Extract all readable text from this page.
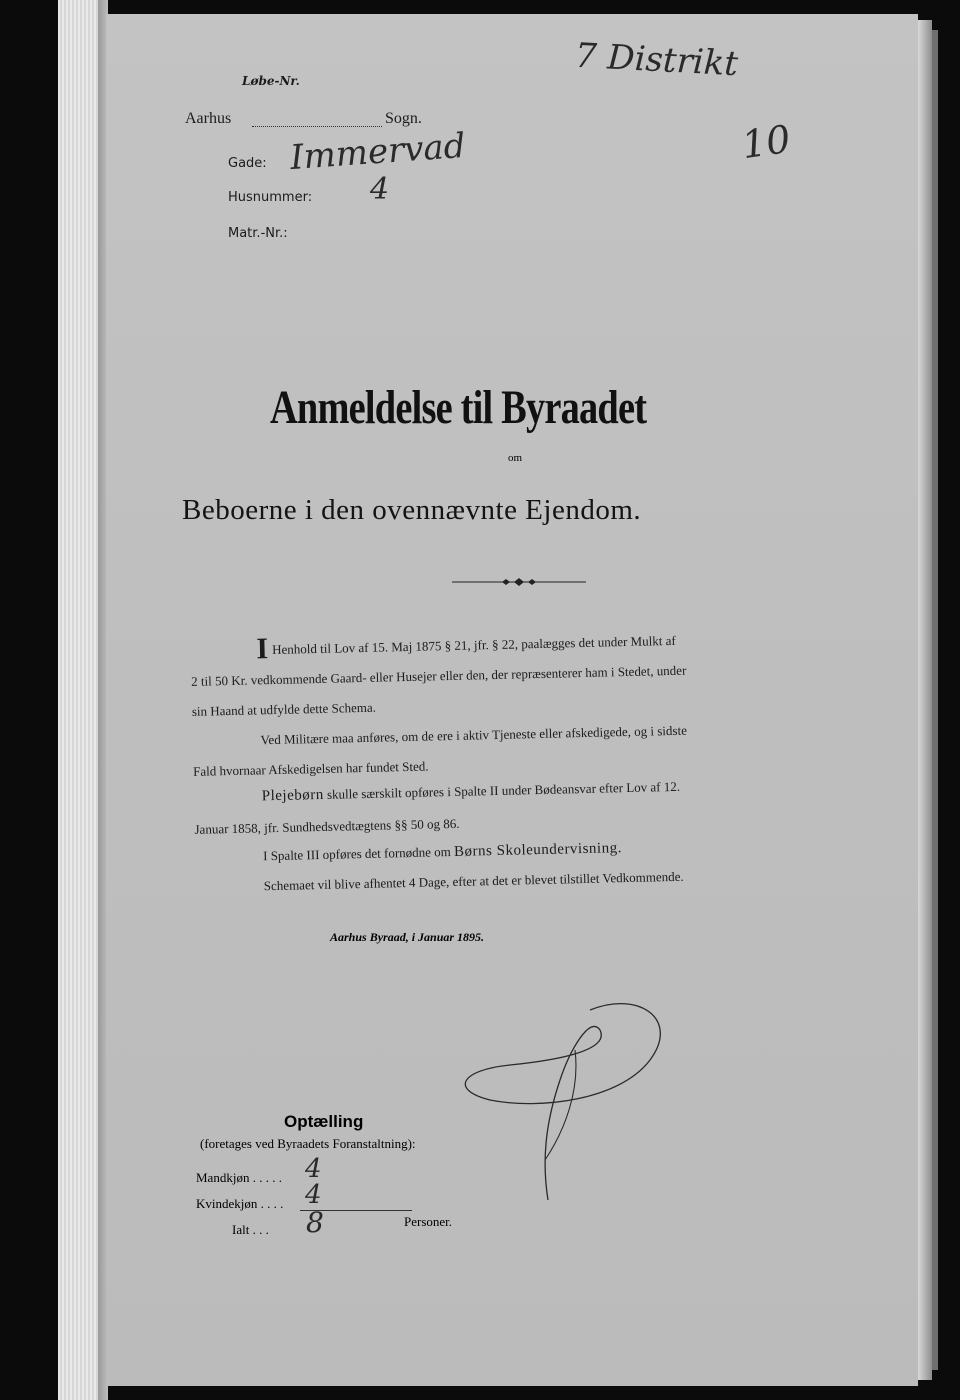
Løbe-Nr.
Aarhus	Sogn.
Gade: Immervad
Husnummer: 4
Matr.-Nr.:
7 Distrikt
10
Anmeldelse til Byraadet
om
Beboerne i den ovennævnte Ejendom.
I Henhold til Lov af 15. Maj 1875 § 21, jfr. § 22, paalægges det under Mulkt af
2 til 50 Kr. vedkommende Gaard- eller Husejer eller den, der repræsenterer ham i Stedet, under
sin Haand at udfylde dette Schema.
Ved Militære maa anføres, om de ere i aktiv Tjeneste eller afskedigede, og i sidste
Fald hvornaar Afskedigelsen har fundet Sted.
Plejebørn skulle særskilt opføres i Spalte II under Bødeansvar efter Lov af 12.
Januar 1858, jfr. Sundhedsvedtægtens §§ 50 og 86.
I Spalte III opføres det fornødne om Børns Skoleundervisning.
Schemaet vil blive afhentet 4 Dage, efter at det er blevet tilstillet Vedkommende.
Aarhus Byraad, i Januar 1895.
Optælling
(foretages ved Byraadets Foranstaltning):
Mandkjøn . . . . . 4
Kvindekjøn . . . . 4
Ialt . . . 8	Personer.
